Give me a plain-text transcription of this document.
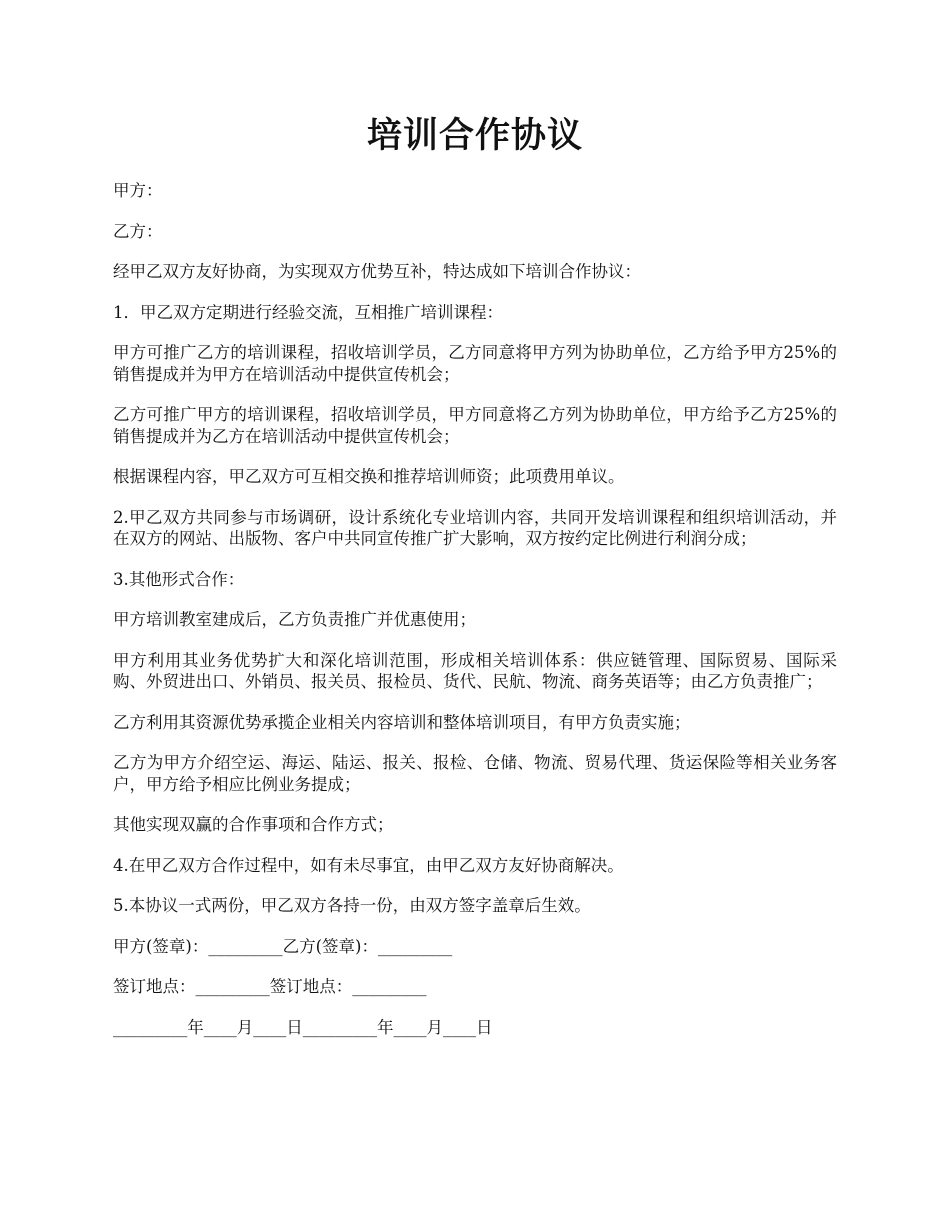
培训合作协议

甲方：

乙方：

经甲乙双方友好协商，为实现双方优势互补，特达成如下培训合作协议：

1．甲乙双方定期进行经验交流，互相推广培训课程：

甲方可推广乙方的培训课程，招收培训学员，乙方同意将甲方列为协助单位，乙方给予甲方25%的销售提成并为甲方在培训活动中提供宣传机会；

乙方可推广甲方的培训课程，招收培训学员，甲方同意将乙方列为协助单位，甲方给予乙方25%的销售提成并为乙方在培训活动中提供宣传机会；

根据课程内容，甲乙双方可互相交换和推荐培训师资；此项费用单议。

2.甲乙双方共同参与市场调研，设计系统化专业培训内容，共同开发培训课程和组织培训活动，并在双方的网站、出版物、客户中共同宣传推广扩大影响，双方按约定比例进行利润分成；

3.其他形式合作：

甲方培训教室建成后，乙方负责推广并优惠使用；

甲方利用其业务优势扩大和深化培训范围，形成相关培训体系：供应链管理、国际贸易、国际采购、外贸进出口、外销员、报关员、报检员、货代、民航、物流、商务英语等；由乙方负责推广；

乙方利用其资源优势承揽企业相关内容培训和整体培训项目，有甲方负责实施；

乙方为甲方介绍空运、海运、陆运、报关、报检、仓储、物流、贸易代理、货运保险等相关业务客户，甲方给予相应比例业务提成；

其他实现双赢的合作事项和合作方式；

4.在甲乙双方合作过程中，如有未尽事宜，由甲乙双方友好协商解决。

5.本协议一式两份，甲乙双方各持一份，由双方签字盖章后生效。

甲方(签章)：_________乙方(签章)：_________

签订地点：_________签订地点：_________

_________年____月____日_________年____月____日
